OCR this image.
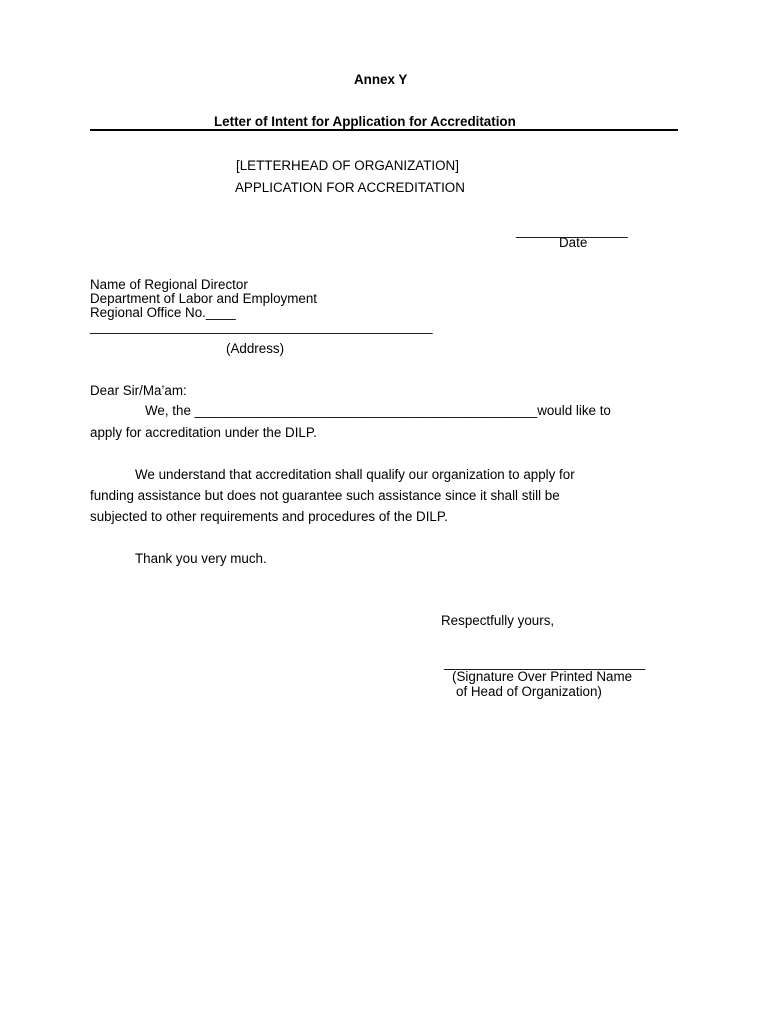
Annex Y
Letter of Intent for Application for Accreditation
[LETTERHEAD OF ORGANIZATION]
APPLICATION FOR ACCREDITATION
_______________
Date
Name of Regional Director
Department of Labor and Employment
Regional Office No.____
______________________________________________
(Address)
Dear Sir/Ma’am:
We, the ______________________________________________would like to
apply for accreditation under the DILP.
We understand that accreditation shall qualify our organization to apply for
funding assistance but does not guarantee such assistance since it shall still be
subjected to other requirements and procedures of the DILP.
Thank you very much.
Respectfully yours,
___________________________
(Signature Over Printed Name
of Head of Organization)
